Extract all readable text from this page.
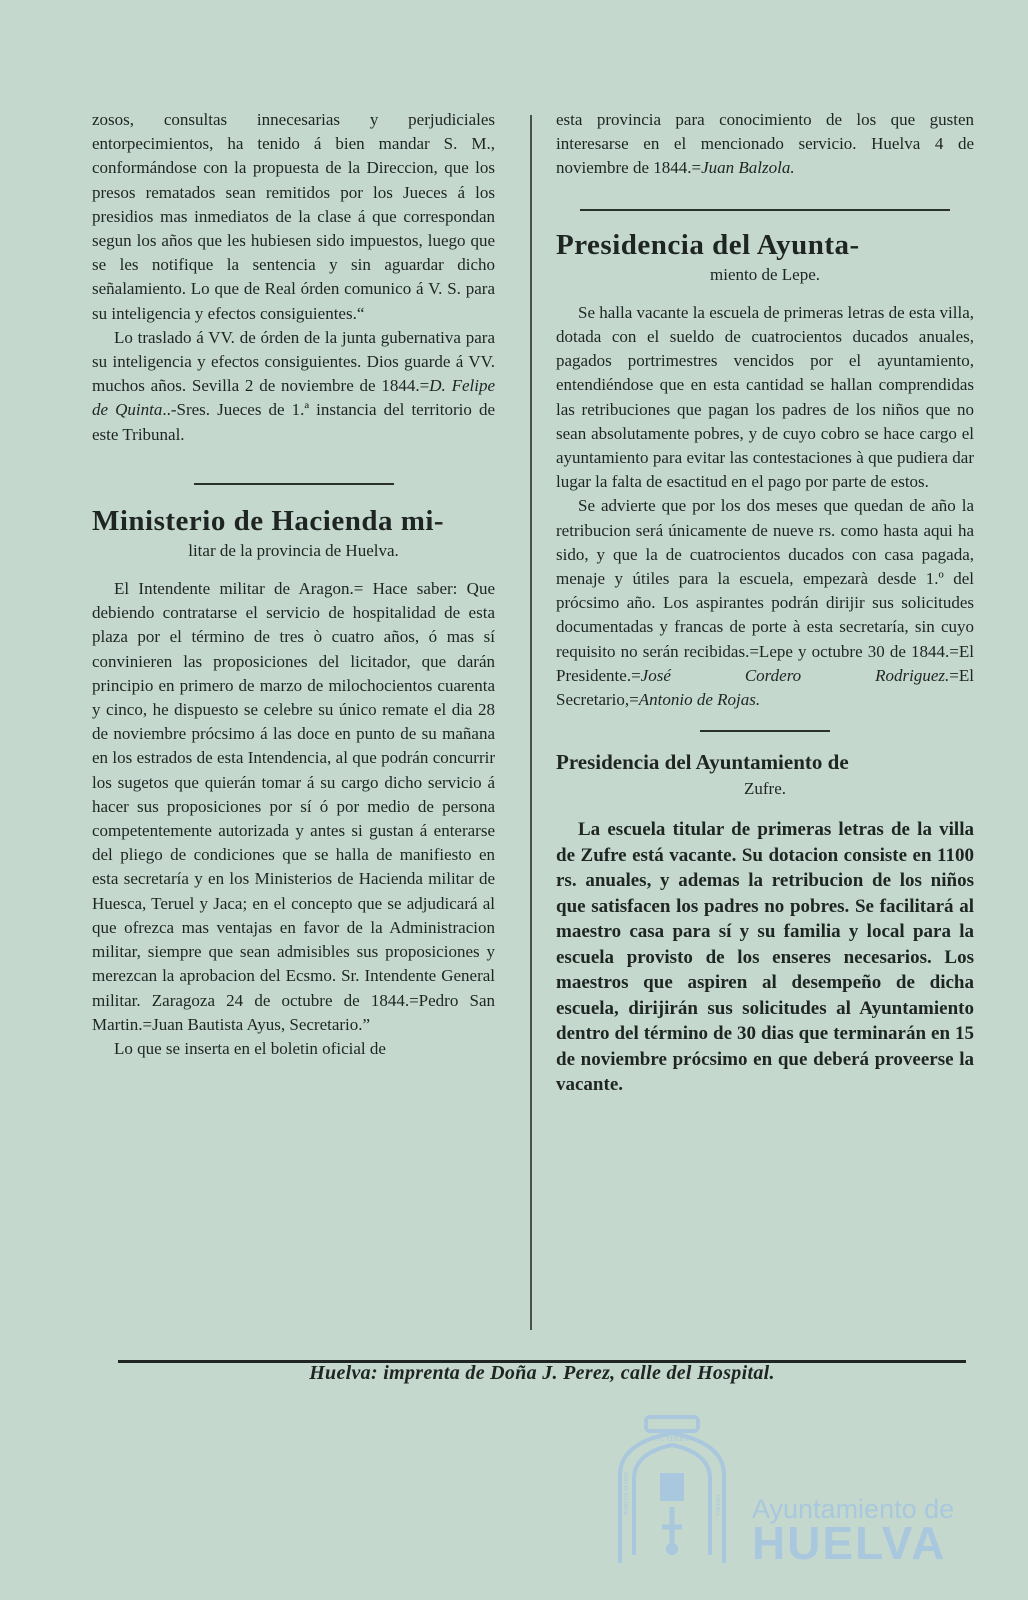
zosos, consultas innecesarias y perjudiciales entorpecimientos, ha tenido á bien mandar S. M., conformándose con la propuesta de la Direccion, que los presos rematados sean remitidos por los Jueces á los presidios mas inmediatos de la clase á que correspondan segun los años que les hubiesen sido impuestos, luego que se les notifique la sentencia y sin aguardar dicho señalamiento. Lo que de Real órden comunico á V. S. para su inteligencia y efectos consiguientes.“

Lo traslado á VV. de órden de la junta gubernativa para su inteligencia y efectos consiguientes. Dios guarde á VV. muchos años. Sevilla 2 de noviembre de 1844.=D. Felipe de Quinta..-Sres. Jueces de 1.ª instancia del territorio de este Tribunal.

Ministerio de Hacienda mi-
litar de la provincia de Huelva.

El Intendente militar de Aragon.= Hace saber: Que debiendo contratarse el servicio de hospitalidad de esta plaza por el término de tres ò cuatro años, ó mas sí convinieren las proposiciones del licitador, que darán principio en primero de marzo de milochocientos cuarenta y cinco, he dispuesto se celebre su único remate el dia 28 de noviembre prócsimo á las doce en punto de su mañana en los estrados de esta Intendencia, al que podrán concurrir los sugetos que quierán tomar á su cargo dicho servicio á hacer sus proposiciones por sí ó por medio de persona competentemente autorizada y antes si gustan á enterarse del pliego de condiciones que se halla de manifiesto en esta secretaría y en los Ministerios de Hacienda militar de Huesca, Teruel y Jaca; en el concepto que se adjudicará al que ofrezca mas ventajas en favor de la Administracion militar, siempre que sean admisibles sus proposiciones y merezcan la aprobacion del Ecsmo. Sr. Intendente General militar. Zaragoza 24 de octubre de 1844.=Pedro San Martin.=Juan Bautista Ayus, Secretario.”

Lo que se inserta en el boletin oficial de

esta provincia para conocimiento de los que gusten interesarse en el mencionado servicio. Huelva 4 de noviembre de 1844.=Juan Balzola.

Presidencia del Ayunta-
miento de Lepe.

Se halla vacante la escuela de primeras letras de esta villa, dotada con el sueldo de cuatrocientos ducados anuales, pagados portrimestres vencidos por el ayuntamiento, entendiéndose que en esta cantidad se hallan comprendidas las retribuciones que pagan los padres de los niños que no sean absolutamente pobres, y de cuyo cobro se hace cargo el ayuntamiento para evitar las contestaciones à que pudiera dar lugar la falta de esactitud en el pago por parte de estos.

Se advierte que por los dos meses que quedan de año la retribucion será únicamente de nueve rs. como hasta aqui ha sido, y que la de cuatrocientos ducados con casa pagada, menaje y útiles para la escuela, empezarà desde 1.º del prócsimo año. Los aspirantes podrán dirijir sus solicitudes documentadas y francas de porte à esta secretaría, sin cuyo requisito no serán recibidas.=Lepe y octubre 30 de 1844.=El Presidente.=José Cordero Rodriguez.=El Secretario,=Antonio de Rojas.

Presidencia del Ayuntamiento de
Zufre.

La escuela titular de primeras letras de la villa de Zufre está vacante. Su dotacion consiste en 1100 rs. anuales, y ademas la retribucion de los niños que satisfacen los padres no pobres. Se facilitará al maestro casa para sí y su familia y local para la escuela provisto de los enseres necesarios. Los maestros que aspiren al desempeño de dicha escuela, dirijirán sus solicitudes al Ayuntamiento dentro del término de 30 dias que terminarán en 15 de noviembre prócsimo en que deberá proveerse la vacante.

Huelva: imprenta de Doña J. Perez, calle del Hospital.
ST. TERRA
PORTUS MARIS	ONUBA Ayuntamiento de
HUELVA
